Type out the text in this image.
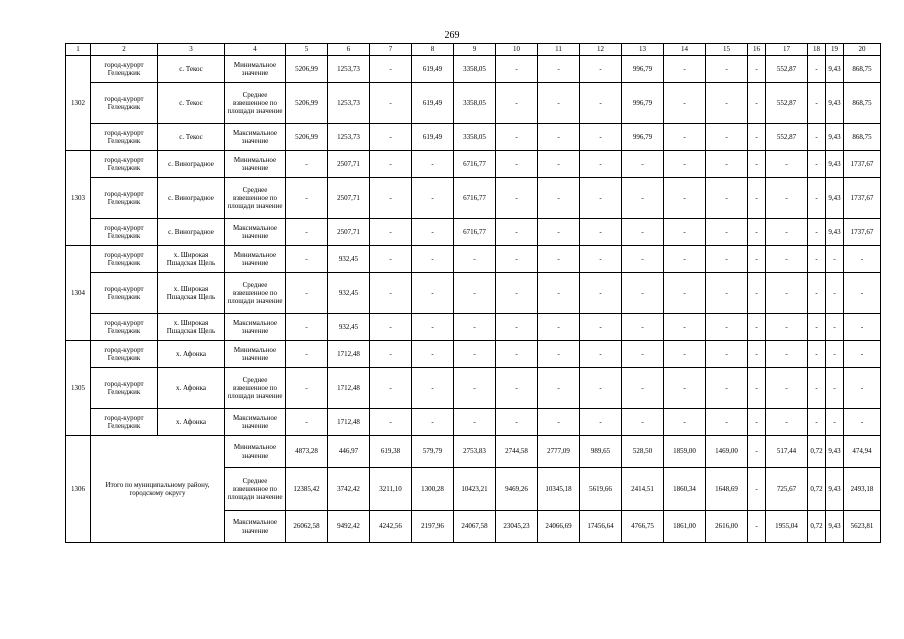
269
1	2	3	4	5	6	7	8	9	10	11	12	13	14	15	16	17	18	19	20
1302	город-курорт Геленджик	с. Текос	Минимальное значение	5206,99	1253,73	-	619,49	3358,05	-	-	-	996,79	-	-	-	552,87	-	9,43	868,75
	город-курорт Геленджик	с. Текос	Среднее взвешенное по площади значение	5206,99	1253,73	-	619,49	3358,05	-	-	-	996,79	-	-	-	552,87	-	9,43	868,75
	город-курорт Геленджик	с. Текос	Максимальное значение	5206,99	1253,73	-	619,49	3358,05	-	-	-	996,79	-	-	-	552,87	-	9,43	868,75
1303	город-курорт Геленджик	с. Виноградное	Минимальное значение	-	2507,71	-	-	6716,77	-	-	-	-	-	-	-	-	-	9,43	1737,67
	город-курорт Геленджик	с. Виноградное	Среднее взвешенное по площади значение	-	2507,71	-	-	6716,77	-	-	-	-	-	-	-	-	-	9,43	1737,67
	город-курорт Геленджик	с. Виноградное	Максимальное значение	-	2507,71	-	-	6716,77	-	-	-	-	-	-	-	-	-	9,43	1737,67
1304	город-курорт Геленджик	х. Широкая Пшадская Щель	Минимальное значение	-	932,45	-	-	-	-	-	-	-	-	-	-	-	-	-	-
	город-курорт Геленджик	х. Широкая Пшадская Щель	Среднее взвешенное по площади значение	-	932,45	-	-	-	-	-	-	-	-	-	-	-	-	-	-
	город-курорт Геленджик	х. Широкая Пшадская Щель	Максимальное значение	-	932,45	-	-	-	-	-	-	-	-	-	-	-	-	-	-
1305	город-курорт Геленджик	х. Афонка	Минимальное значение	-	1712,48	-	-	-	-	-	-	-	-	-	-	-	-	-	-
	город-курорт Геленджик	х. Афонка	Среднее взвешенное по площади значение	-	1712,48	-	-	-	-	-	-	-	-	-	-	-	-	-	-
	город-курорт Геленджик	х. Афонка	Максимальное значение	-	1712,48	-	-	-	-	-	-	-	-	-	-	-	-	-	-
1306	Итого по муниципальному району, городскому округу		Минимальное значение	4873,28	446,97	619,38	579,79	2753,83	2744,58	2777,09	989,65	528,50	1859,00	1469,00	-	517,44	0,72	9,43	474,94
			Среднее взвешенное по площади значение	12385,42	3742,42	3211,10	1300,28	10423,21	9469,26	10345,18	5619,66	2414,51	1860,34	1648,69	-	725,67	0,72	9,43	2493,18
			Максимальное значение	26062,58	9492,42	4242,56	2197,96	24067,58	23045,23	24066,69	17456,64	4766,75	1861,00	2616,00	-	1955,04	0,72	9,43	5623,81
